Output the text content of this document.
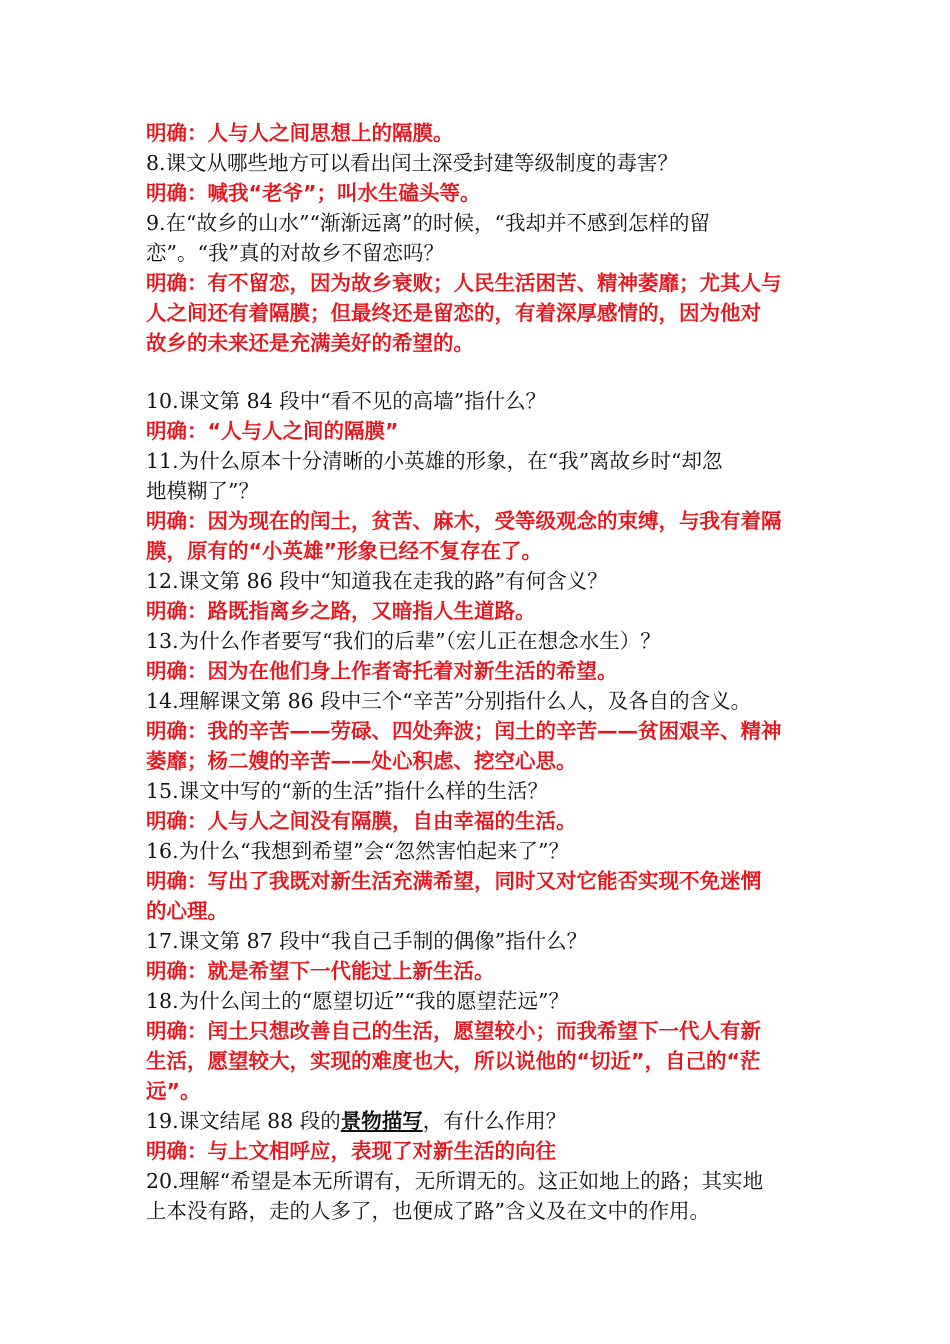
明确：人与人之间思想上的隔膜。

8.课文从哪些地方可以看出闰土深受封建等级制度的毒害？

明确：喊我“老爷”；叫水生磕头等。

9.在“故乡的山水”“渐渐远离”的时候，“我却并不感到怎样的留

恋”。“我”真的对故乡不留恋吗？

明确：有不留恋，因为故乡衰败；人民生活困苦、精神萎靡；尤其人与

人之间还有着隔膜；但最终还是留恋的，有着深厚感情的，因为他对

故乡的未来还是充满美好的希望的。

10.课文第 84 段中“看不见的高墙”指什么？

明确：“人与人之间的隔膜”

11.为什么原本十分清晰的小英雄的形象，在“我”离故乡时“却忽

地模糊了”？

明确：因为现在的闰土，贫苦、麻木，受等级观念的束缚，与我有着隔

膜，原有的“小英雄”形象已经不复存在了。

12.课文第 86 段中“知道我在走我的路”有何含义？

明确：路既指离乡之路，又暗指人生道路。

13.为什么作者要写“我们的后辈”（宏儿正在想念水生）？

明确：因为在他们身上作者寄托着对新生活的希望。

14.理解课文第 86 段中三个“辛苦”分别指什么人，及各自的含义。

明确：我的辛苦——劳碌、四处奔波；闰土的辛苦——贫困艰辛、精神

萎靡；杨二嫂的辛苦——处心积虑、挖空心思。

15.课文中写的“新的生活”指什么样的生活？

明确：人与人之间没有隔膜，自由幸福的生活。

16.为什么“我想到希望”会“忽然害怕起来了”？

明确：写出了我既对新生活充满希望，同时又对它能否实现不免迷惘

的心理。

17.课文第 87 段中“我自己手制的偶像”指什么？

明确：就是希望下一代能过上新生活。

18.为什么闰土的“愿望切近”“我的愿望茫远”？

明确：闰土只想改善自己的生活，愿望较小；而我希望下一代人有新

生活，愿望较大，实现的难度也大，所以说他的“切近”，自己的“茫

远”。

19.课文结尾 88 段的景物描写，有什么作用？

明确：与上文相呼应，表现了对新生活的向往

20.理解“希望是本无所谓有，无所谓无的。这正如地上的路；其实地

上本没有路，走的人多了，也便成了路”含义及在文中的作用。
